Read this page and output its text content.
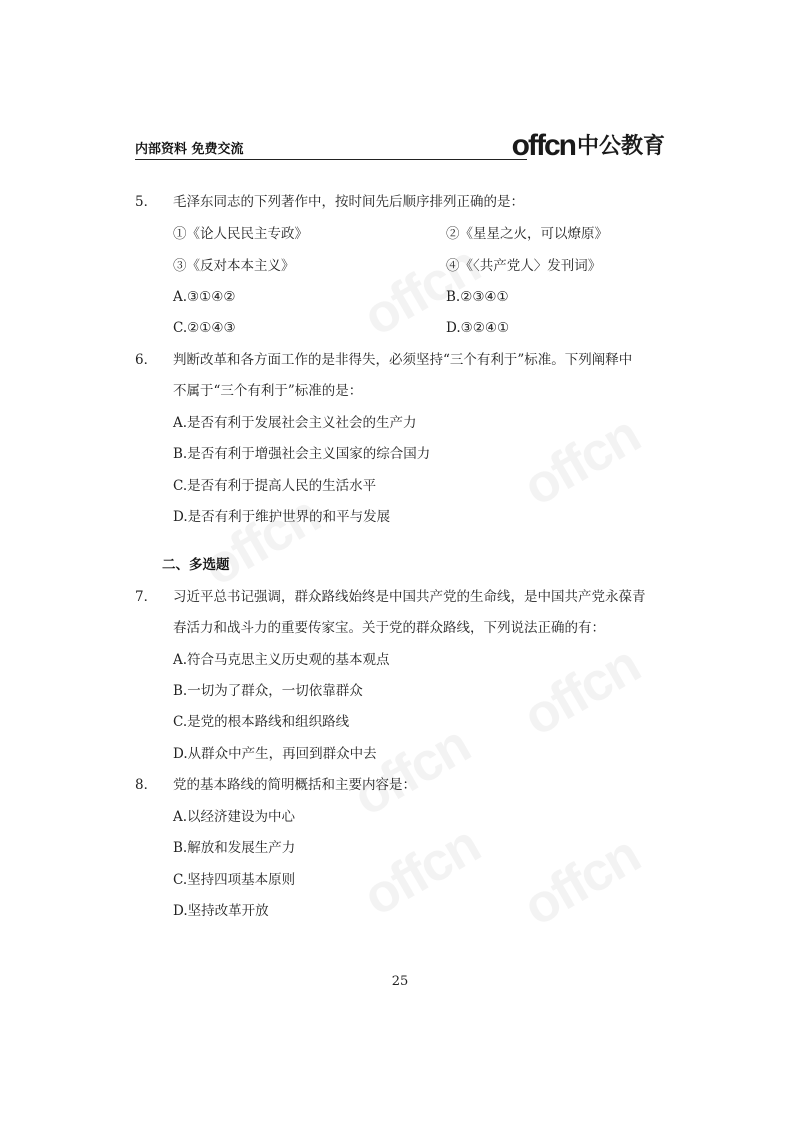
内部资料 免费交流	offcn 中公教育
5． 毛泽东同志的下列著作中，按时间先后顺序排列正确的是：
①《论人民民主专政》	②《星星之火，可以燎原》
③《反对本本主义》	④《〈共产党人〉发刊词》
A.③①④②	B.②③④①
C.②①④③	D.③②④①
6． 判断改革和各方面工作的是非得失，必须坚持“三个有利于”标准。下列阐释中
不属于“三个有利于”标准的是：
A.是否有利于发展社会主义社会的生产力
B.是否有利于增强社会主义国家的综合国力
C.是否有利于提高人民的生活水平
D.是否有利于维护世界的和平与发展
二、多选题
7． 习近平总书记强调，群众路线始终是中国共产党的生命线，是中国共产党永葆青
春活力和战斗力的重要传家宝。关于党的群众路线，下列说法正确的有：
A.符合马克思主义历史观的基本观点
B.一切为了群众，一切依靠群众
C.是党的根本路线和组织路线
D.从群众中产生，再回到群众中去
8． 党的基本路线的简明概括和主要内容是：
A.以经济建设为中心
B.解放和发展生产力
C.坚持四项基本原则
D.坚持改革开放
25
